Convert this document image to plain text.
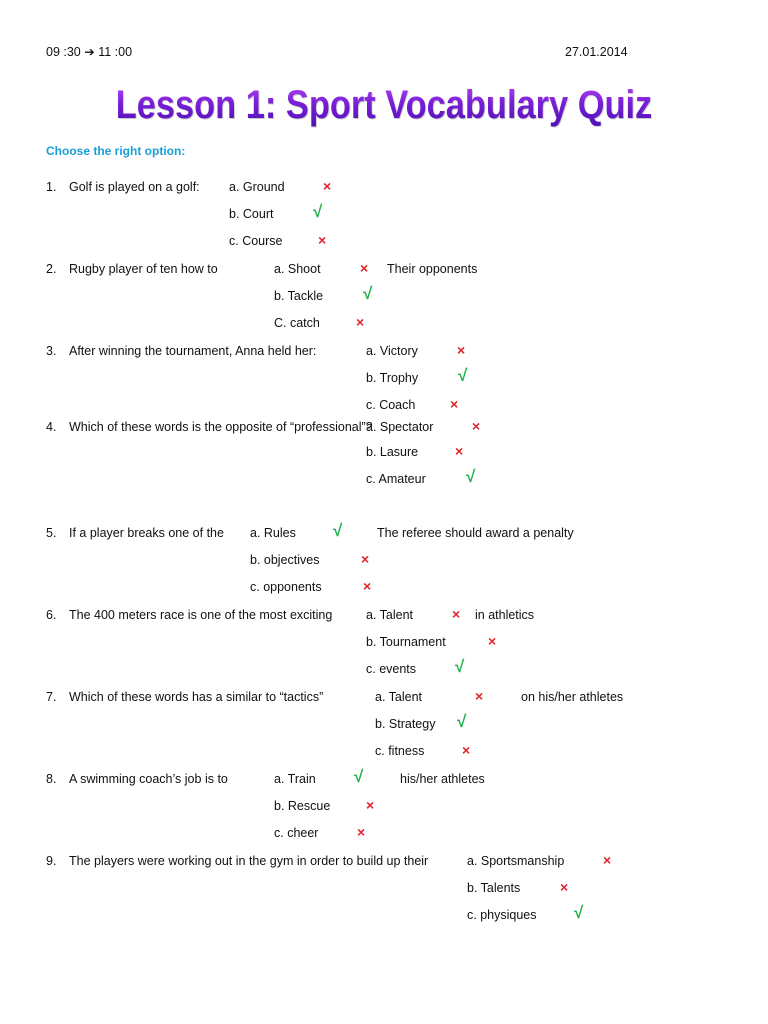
09 :30 ➔ 11 :00	27.01.2014
Lesson 1: Sport Vocabulary Quiz
Choose the right option:
1. Golf is played on a golf: a. Ground	×
b. Court √
c. Course	×
2. Rugby player of ten how to	Their opponents
a. Shoot	×
b. Tackle √
C. catch	×
3. After winning the tournament, Anna held her:	a. Victory	×
b. Trophy √
c. Coach ×
4. Which of these words is the opposite of “professional”?
a. Spectator	×
b. Lasure	×
c. Amateur √
5. If a player breaks one of the	The referee should award a penalty
a. Rules √
b. objectives	×
c. opponents	×
6. The 400 meters race is one of the most exciting	in athletics
a. Talent	×
b. Tournament	×
c. events √
7. Which of these words has a similar to “tactics”	on his/her athletes
a. Talent	×
b. Strategy √
c. fitness	×
8. A swimming coach’s job is to	his/her athletes
a. Train √
b. Rescue	×
c. cheer	×
9. The players were working out in the gym in order to build up their	a. Sportsmanship	×
b. Talents	×
c. physiques √
